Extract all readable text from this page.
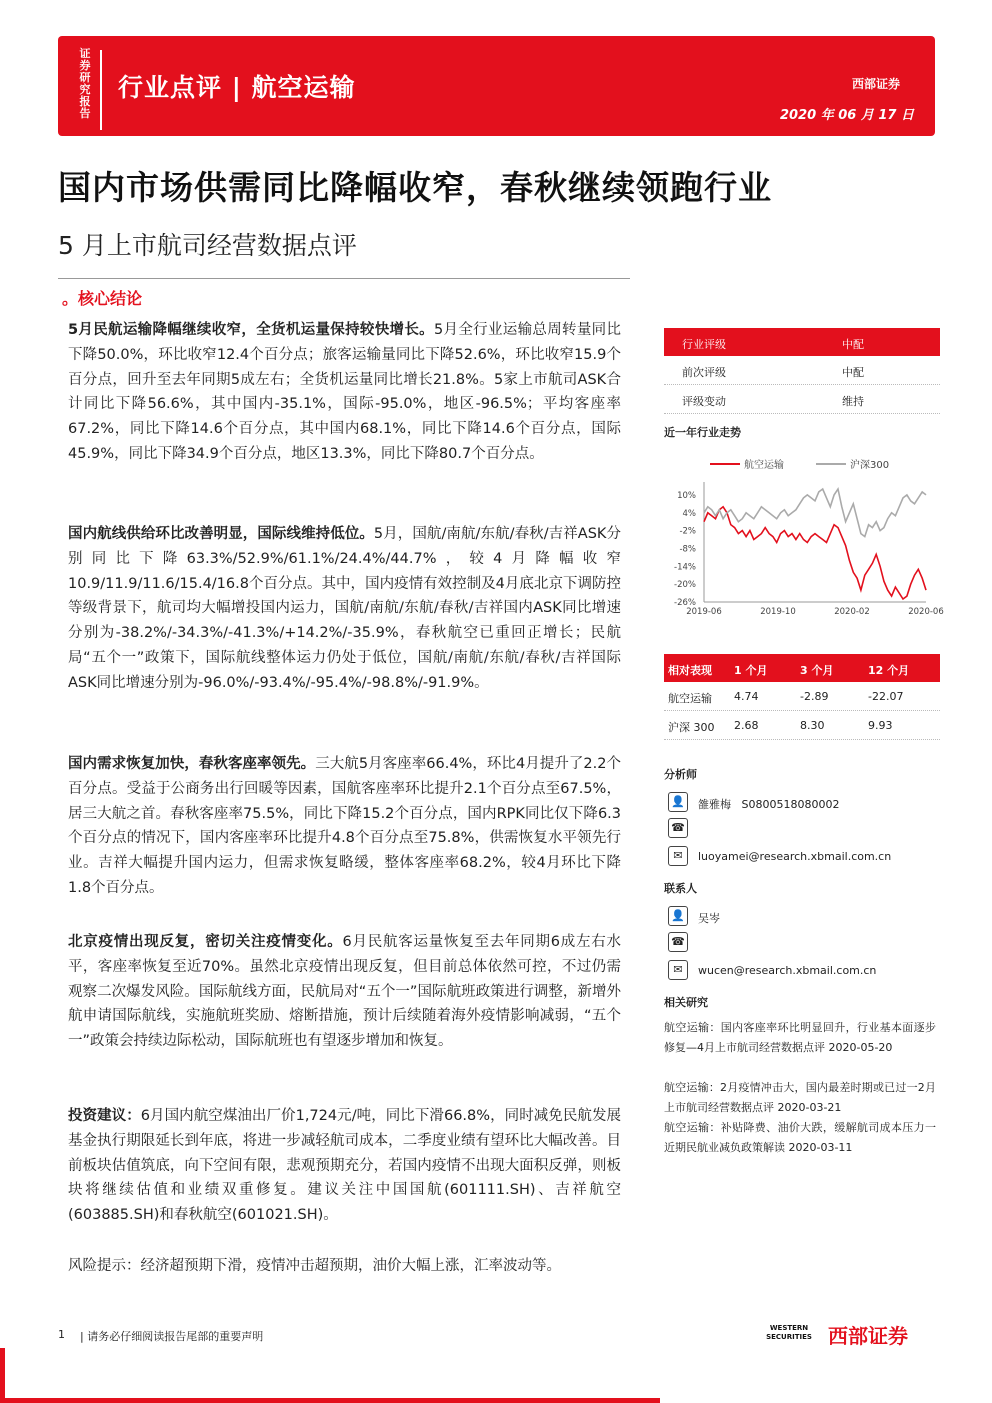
证券研究报告
行业点评 | 航空运输	西部证券
2020 年 06 月 17 日
国内市场供需同比降幅收窄，春秋继续领跑行业
5 月上市航司经营数据点评
。核心结论
5月民航运输降幅继续收窄，全货机运量保持较快增长。5月全行业运输总周转量同比下降50.0%，环比收窄12.4个百分点；旅客运输量同比下降52.6%，环比收窄15.9个百分点，回升至去年同期5成左右；全货机运量同比增长21.8%。5家上市航司ASK合计同比下降56.6%，其中国内-35.1%，国际-95.0%，地区-96.5%；平均客座率67.2%，同比下降14.6个百分点，其中国内68.1%，同比下降14.6个百分点，国际45.9%，同比下降34.9个百分点，地区13.3%，同比下降80.7个百分点。
国内航线供给环比改善明显，国际线维持低位。5月，国航/南航/东航/春秋/吉祥ASK分别同比下降63.3%/52.9%/61.1%/24.4%/44.7%，较4月降幅收窄10.9/11.9/11.6/15.4/16.8个百分点。其中，国内疫情有效控制及4月底北京下调防控等级背景下，航司均大幅增投国内运力，国航/南航/东航/春秋/吉祥国内ASK同比增速分别为-38.2%/-34.3%/-41.3%/+14.2%/-35.9%，春秋航空已重回正增长；民航局“五个一”政策下，国际航线整体运力仍处于低位，国航/南航/东航/春秋/吉祥国际ASK同比增速分别为-96.0%/-93.4%/-95.4%/-98.8%/-91.9%。
国内需求恢复加快，春秋客座率领先。三大航5月客座率66.4%，环比4月提升了2.2个百分点。受益于公商务出行回暖等因素，国航客座率环比提升2.1个百分点至67.5%，居三大航之首。春秋客座率75.5%，同比下降15.2个百分点，国内RPK同比仅下降6.3个百分点的情况下，国内客座率环比提升4.8个百分点至75.8%，供需恢复水平领先行业。吉祥大幅提升国内运力，但需求恢复略缓，整体客座率68.2%，较4月环比下降1.8个百分点。
北京疫情出现反复，密切关注疫情变化。6月民航客运量恢复至去年同期6成左右水平，客座率恢复至近70%。虽然北京疫情出现反复，但目前总体依然可控，不过仍需观察二次爆发风险。国际航线方面，民航局对“五个一”国际航班政策进行调整，新增外航申请国际航线，实施航班奖励、熔断措施，预计后续随着海外疫情影响减弱，“五个一”政策会持续边际松动，国际航班也有望逐步增加和恢复。
投资建议：6月国内航空煤油出厂价1,724元/吨，同比下滑66.8%，同时减免民航发展基金执行期限延长到年底，将进一步减轻航司成本，二季度业绩有望环比大幅改善。目前板块估值筑底，向下空间有限，悲观预期充分，若国内疫情不出现大面积反弹，则板块将继续估值和业绩双重修复。建议关注中国国航(601111.SH)、吉祥航空(603885.SH)和春秋航空(601021.SH)。
风险提示：经济超预期下滑，疫情冲击超预期，油价大幅上涨，汇率波动等。
行业评级	中配
前次评级	中配
评级变动	维持
近一年行业走势
航空运输	沪深300
10%
4%
-2%
-8%
-14%
-20%
-26%
2019-06	2019-10	2020-02	2020-06
相对表现 1 个月	3 个月	12 个月
航空运输 4.74	-2.89	-22.07
沪深 300 2.68	8.30	9.93
分析师
👤 雒雅梅 S0800518080002
☎
✉	luoyamei@research.xbmail.com.cn
联系人
👤 吴岑
☎
✉	wucen@research.xbmail.com.cn
相关研究
航空运输：国内客座率环比明显回升，行业基本面逐步修复—4月上市航司经营数据点评 2020-05-20
航空运输：2月疫情冲击大，国内最差时期或已过一2月上市航司经营数据点评 2020-03-21
航空运输：补贴降费、油价大跌，缓解航司成本压力一近期民航业减负政策解读 2020-03-11
1 | 请务必仔细阅读报告尾部的重要声明
WESTERN SECURITIES 西部证券
